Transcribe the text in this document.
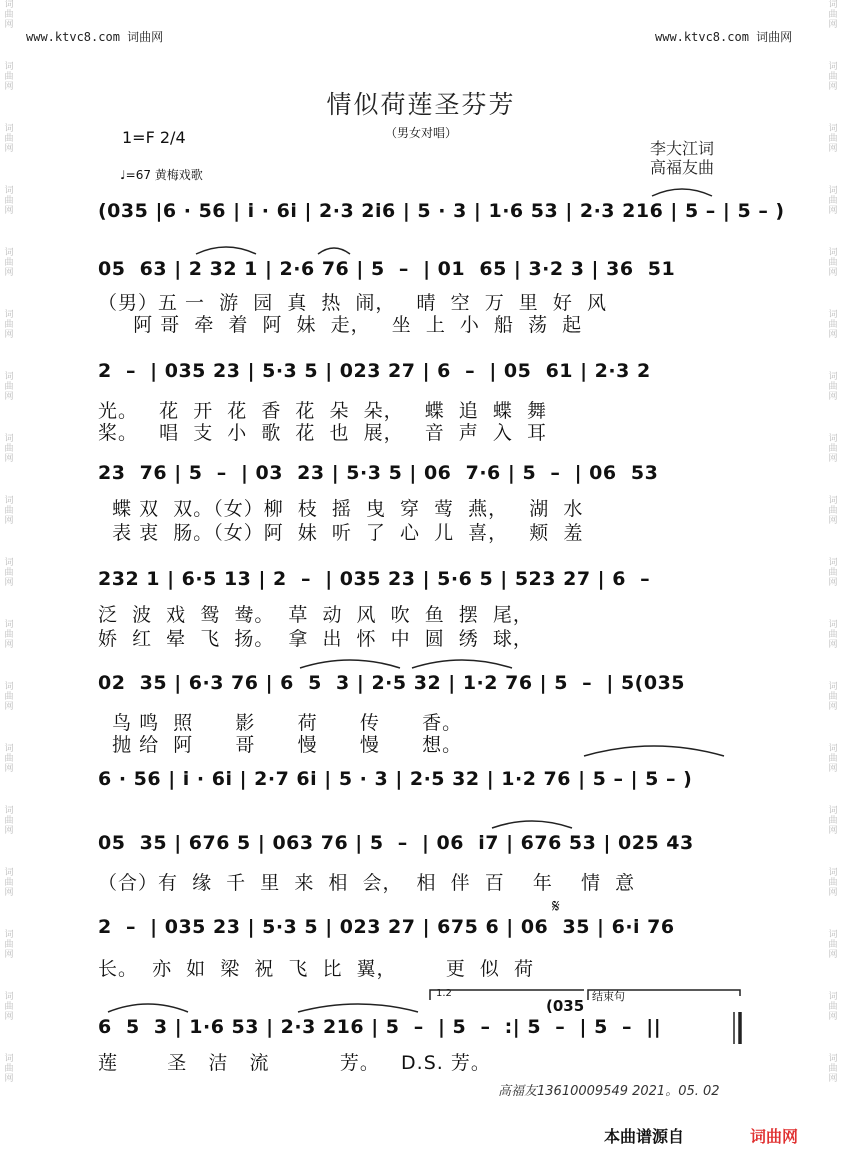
词
曲
网

词
曲
网

词
曲
网

词
曲
网

词
曲
网

词
曲
网

词
曲
网

词
曲
网

词
曲
网

词
曲
网

词
曲
网

词
曲
网

词
曲
网

词
曲
网

词
曲
网

词
曲
网

词
曲
网

词
曲
网

词
曲
网

词
曲
网

词
曲
网

词
曲
网

词
曲
网

词
曲
网

词
曲
网

词
曲
网

词
曲
网

词
曲
网

词
曲
网

词
曲
网

词
曲
网

词
曲
网

词
曲
网

词
曲
网

词
曲
网

词
曲
网

www.ktvc8.com 词曲网	www.ktvc8.com 词曲网
情似荷莲圣芬芳
（男女对唱）
1=F 2/4
♩=67 黄梅戏歌
李大江词
高福友曲
(035 |6 · 56 | i · 6i | 2·3 2i6 | 5 · 3 | 1·6 53 | 2·3 216 | 5 – | 5 – )
05  63 | 2 32 1 | 2·6 76 | 5  –  | 01  65 | 3·2 3 | 36  51
（男）五 一  游  园  真  热  闹，   晴  空  万  里  好  风
阿 哥  牵  着  阿  妹  走，   坐  上  小  船  荡  起
2  –  | 035 23 | 5·3 5 | 023 27 | 6  –  | 05  61 | 2·3 2
光。   花  开  花  香  花  朵  朵，   蝶  追  蝶  舞
桨。   唱  支  小  歌  花  也  展，   音  声  入  耳
23  76 | 5  –  | 03  23 | 5·3 5 | 06  7·6 | 5  –  | 06  53
蝶 双  双。（女）柳  枝  摇  曳  穿  莺  燕，   湖  水
表 衷  肠。（女）阿  妹  听  了  心  儿  喜，   颊  羞
232 1 | 6·5 13 | 2  –  | 035 23 | 5·6 5 | 523 27 | 6  –
泛  波  戏  鸳  鸯。  草  动  风  吹  鱼  摆  尾，
娇  红  晕  飞  扬。  拿  出  怀  中  圆  绣  球，
02  35 | 6·3 76 | 6  5  3 | 2·5 32 | 1·2 76 | 5  –  | 5(035
鸟 鸣  照      影      荷      传      香。
抛 给  阿      哥      慢      慢      想。
6 · 56 | i · 6i | 2·7 6i | 5 · 3 | 2·5 32 | 1·2 76 | 5 – | 5 – )
05  35 | 676 5 | 063 76 | 5  –  | 06  i7 | 676 53 | 025 43
（合）有  缘  千  里  来  相  会，  相  伴  百    年    情  意
2  –  | 035 23 | 5·3 5 | 023 27 | 675 6 | 06  35 | 6·i 76
长。  亦  如  梁  祝  飞  比  翼，       更  似  荷
6  5  3 | 1·6 53 | 2·3 216 | 5  –  | 5  –  :| 5  –  | 5  –  ||
莲       圣   洁   流          芳。   D.S. 芳。
1.2	结束句
(035
𝄋
高福友13610009549 2021。05. 02
本曲谱源自	词曲网
